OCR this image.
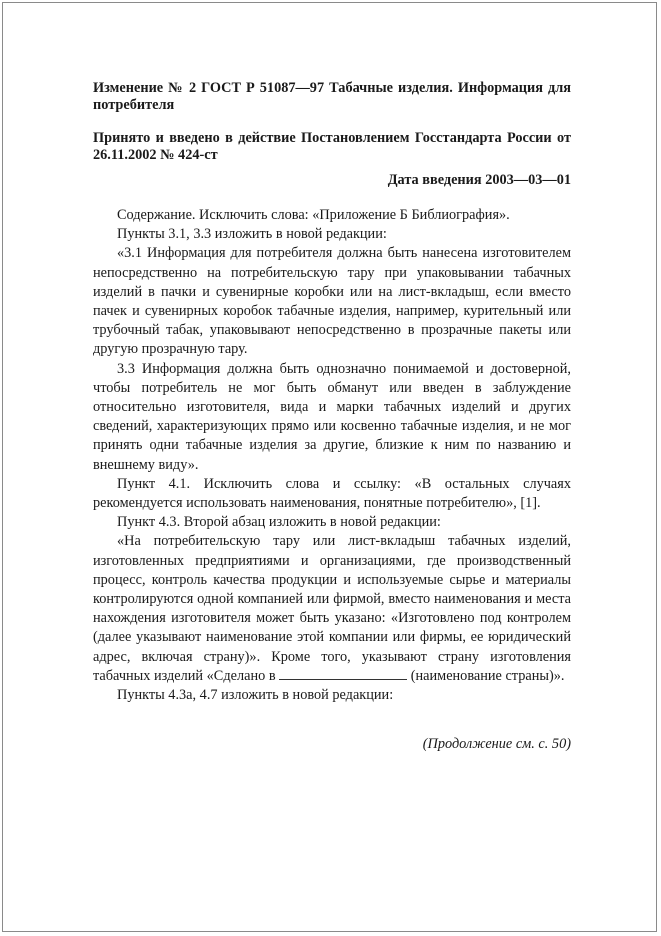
Изменение № 2 ГОСТ Р 51087—97 Табачные изделия. Информация для потребителя

Принято и введено в действие Постановлением Госстандарта России от 26.11.2002 № 424-ст

Дата введения 2003—03—01

Содержание. Исключить слова: «Приложение Б Библиография».

Пункты 3.1, 3.3 изложить в новой редакции:

«3.1 Информация для потребителя должна быть нанесена изготовителем непосредственно на потребительскую тару при упаковывании табачных изделий в пачки и сувенирные коробки или на лист-вкладыш, если вместо пачек и сувенирных коробок табачные изделия, например, курительный или трубочный табак, упаковывают непосредственно в прозрачные пакеты или другую прозрачную тару.

3.3 Информация должна быть однозначно понимаемой и достоверной, чтобы потребитель не мог быть обманут или введен в заблуждение относительно изготовителя, вида и марки табачных изделий и других сведений, характеризующих прямо или косвенно табачные изделия, и не мог принять одни табачные изделия за другие, близкие к ним по названию и внешнему виду».

Пункт 4.1. Исключить слова и ссылку: «В остальных случаях рекомендуется использовать наименования, понятные потребителю», [1].

Пункт 4.3. Второй абзац изложить в новой редакции:

«На потребительскую тару или лист-вкладыш табачных изделий, изготовленных предприятиями и организациями, где производственный процесс, контроль качества продукции и используемые сырье и материалы контролируются одной компанией или фирмой, вместо наименования и места нахождения изготовителя может быть указано: «Изготовлено под контролем (далее указывают наименование этой компании или фирмы, ее юридический адрес, включая страну)». Кроме того, указывают страну изготовления табачных изделий «Сделано в	(наименование страны)».

Пункты 4.3а, 4.7 изложить в новой редакции:

(Продолжение см. с. 50)
